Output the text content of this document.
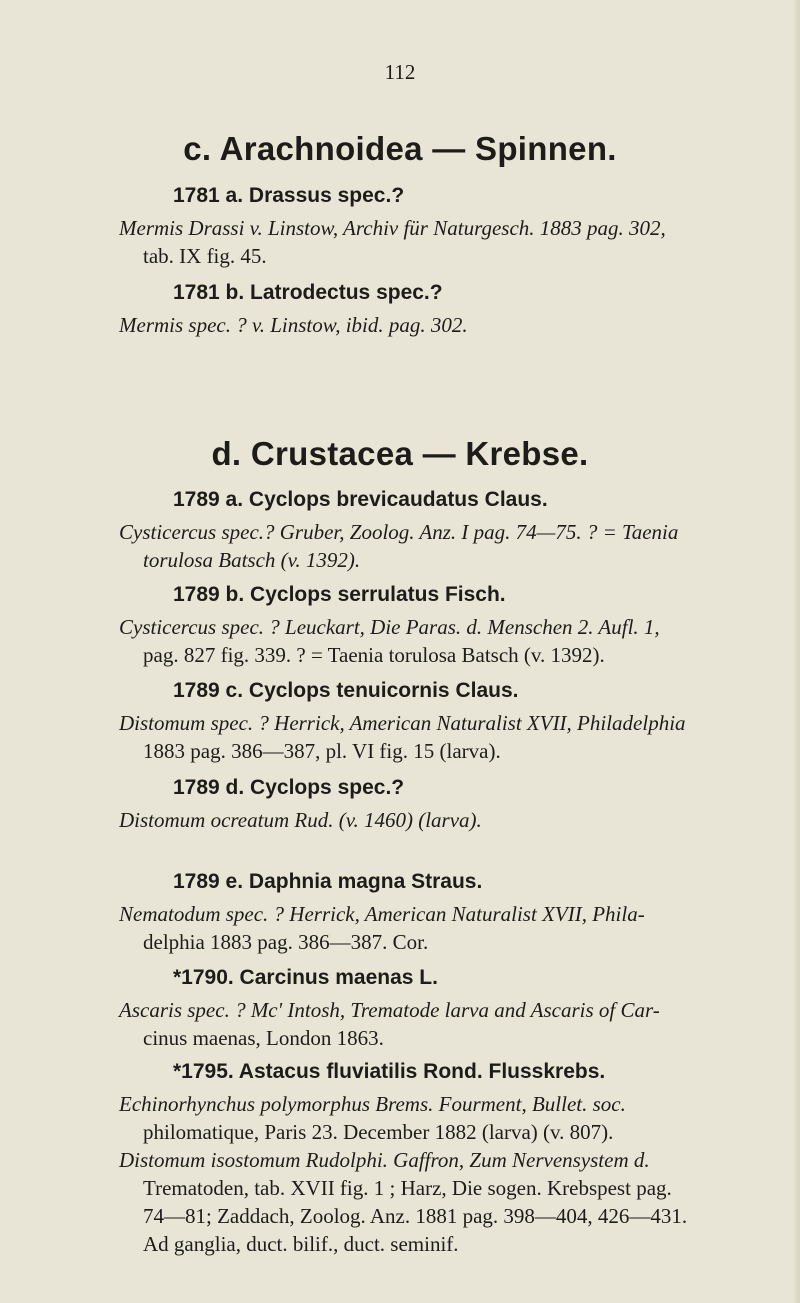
112
c. Arachnoidea — Spinnen.
1781 a. Drassus spec.?
Mermis Drassi v. Linstow, Archiv für Naturgesch. 1883 pag. 302,
tab. IX fig. 45.
1781 b. Latrodectus spec.?
Mermis spec. ? v. Linstow, ibid. pag. 302.
d. Crustacea — Krebse.
1789 a. Cyclops brevicaudatus Claus.
Cysticercus spec.? Gruber, Zoolog. Anz. I pag. 74—75. ? = Taenia
torulosa Batsch (v. 1392).
1789 b. Cyclops serrulatus Fisch.
Cysticercus spec. ? Leuckart, Die Paras. d. Menschen 2. Aufl. 1,
pag. 827 fig. 339. ? = Taenia torulosa Batsch (v. 1392).
1789 c. Cyclops tenuicornis Claus.
Distomum spec. ? Herrick, American Naturalist XVII, Philadelphia
1883 pag. 386—387, pl. VI fig. 15 (larva).
1789 d. Cyclops spec.?
Distomum ocreatum Rud. (v. 1460) (larva).
1789 e. Daphnia magna Straus.
Nematodum spec. ? Herrick, American Naturalist XVII, Phila-
delphia 1883 pag. 386—387. Cor.
*1790. Carcinus maenas L.
Ascaris spec. ? Mc' Intosh, Trematode larva and Ascaris of Car-
cinus maenas, London 1863.
*1795. Astacus fluviatilis Rond. Flusskrebs.
Echinorhynchus polymorphus Brems. Fourment, Bullet. soc.
philomatique, Paris 23. December 1882 (larva) (v. 807).
Distomum isostomum Rudolphi. Gaffron, Zum Nervensystem d.
Trematoden, tab. XVII fig. 1 ; Harz, Die sogen. Krebspest pag.
74—81; Zaddach, Zoolog. Anz. 1881 pag. 398—404, 426—431.
Ad ganglia, duct. bilif., duct. seminif.
